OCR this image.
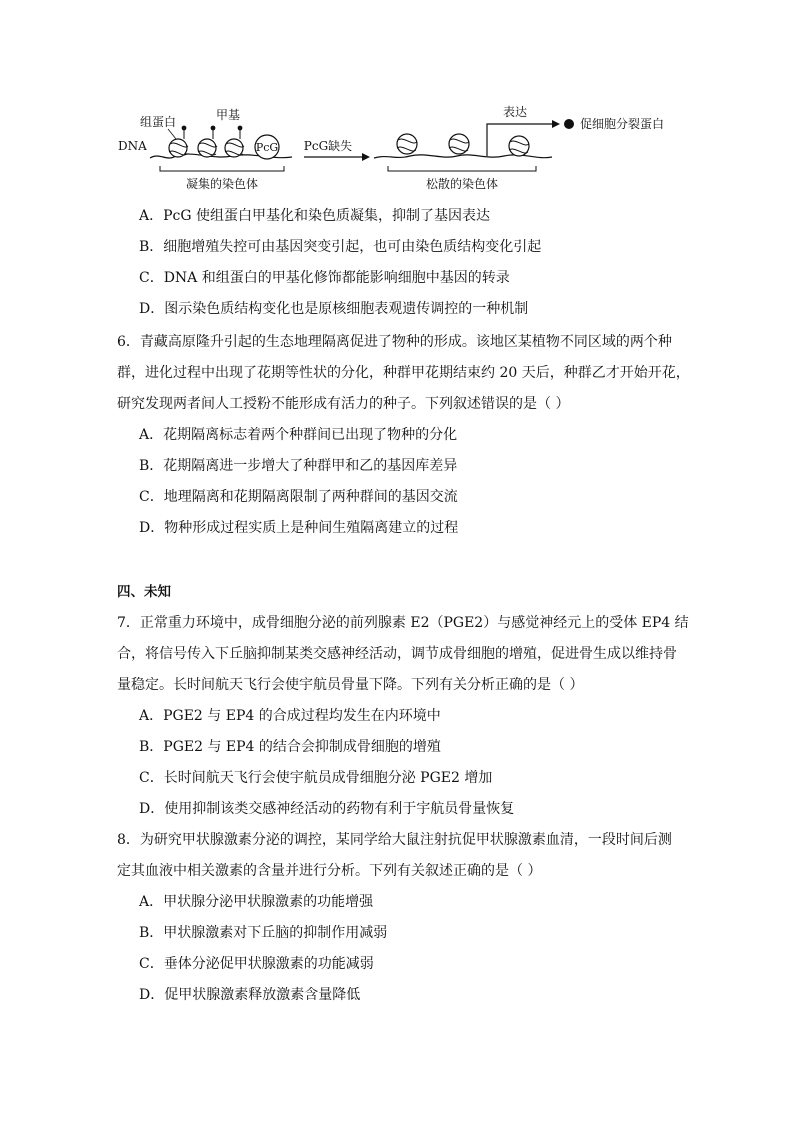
PcG
组蛋白	甲基
DNA
凝集的染色体
PcG缺失
表达
促细胞分裂蛋白
松散的染色体
A．PcG 使组蛋白甲基化和染色质凝集，抑制了基因表达
B．细胞增殖失控可由基因突变引起，也可由染色质结构变化引起
C．DNA 和组蛋白的甲基化修饰都能影响细胞中基因的转录
D．图示染色质结构变化也是原核细胞表观遗传调控的一种机制
6．青藏高原隆升引起的生态地理隔离促进了物种的形成。该地区某植物不同区域的两个种
群，进化过程中出现了花期等性状的分化，种群甲花期结束约 20 天后，种群乙才开始开花，
研究发现两者间人工授粉不能形成有活力的种子。下列叙述错误的是（ ）
A．花期隔离标志着两个种群间已出现了物种的分化
B．花期隔离进一步增大了种群甲和乙的基因库差异
C．地理隔离和花期隔离限制了两种群间的基因交流
D．物种形成过程实质上是种间生殖隔离建立的过程
四、未知
7．正常重力环境中，成骨细胞分泌的前列腺素 E2（PGE2）与感觉神经元上的受体 EP4 结
合，将信号传入下丘脑抑制某类交感神经活动，调节成骨细胞的增殖，促进骨生成以维持骨
量稳定。长时间航天飞行会使宇航员骨量下降。下列有关分析正确的是（ ）
A．PGE2 与 EP4 的合成过程均发生在内环境中
B．PGE2 与 EP4 的结合会抑制成骨细胞的增殖
C．长时间航天飞行会使宇航员成骨细胞分泌 PGE2 增加
D．使用抑制该类交感神经活动的药物有利于宇航员骨量恢复
8．为研究甲状腺激素分泌的调控，某同学给大鼠注射抗促甲状腺激素血清，一段时间后测
定其血液中相关激素的含量并进行分析。下列有关叙述正确的是（ ）
A．甲状腺分泌甲状腺激素的功能增强
B．甲状腺激素对下丘脑的抑制作用减弱
C．垂体分泌促甲状腺激素的功能减弱
D．促甲状腺激素释放激素含量降低
